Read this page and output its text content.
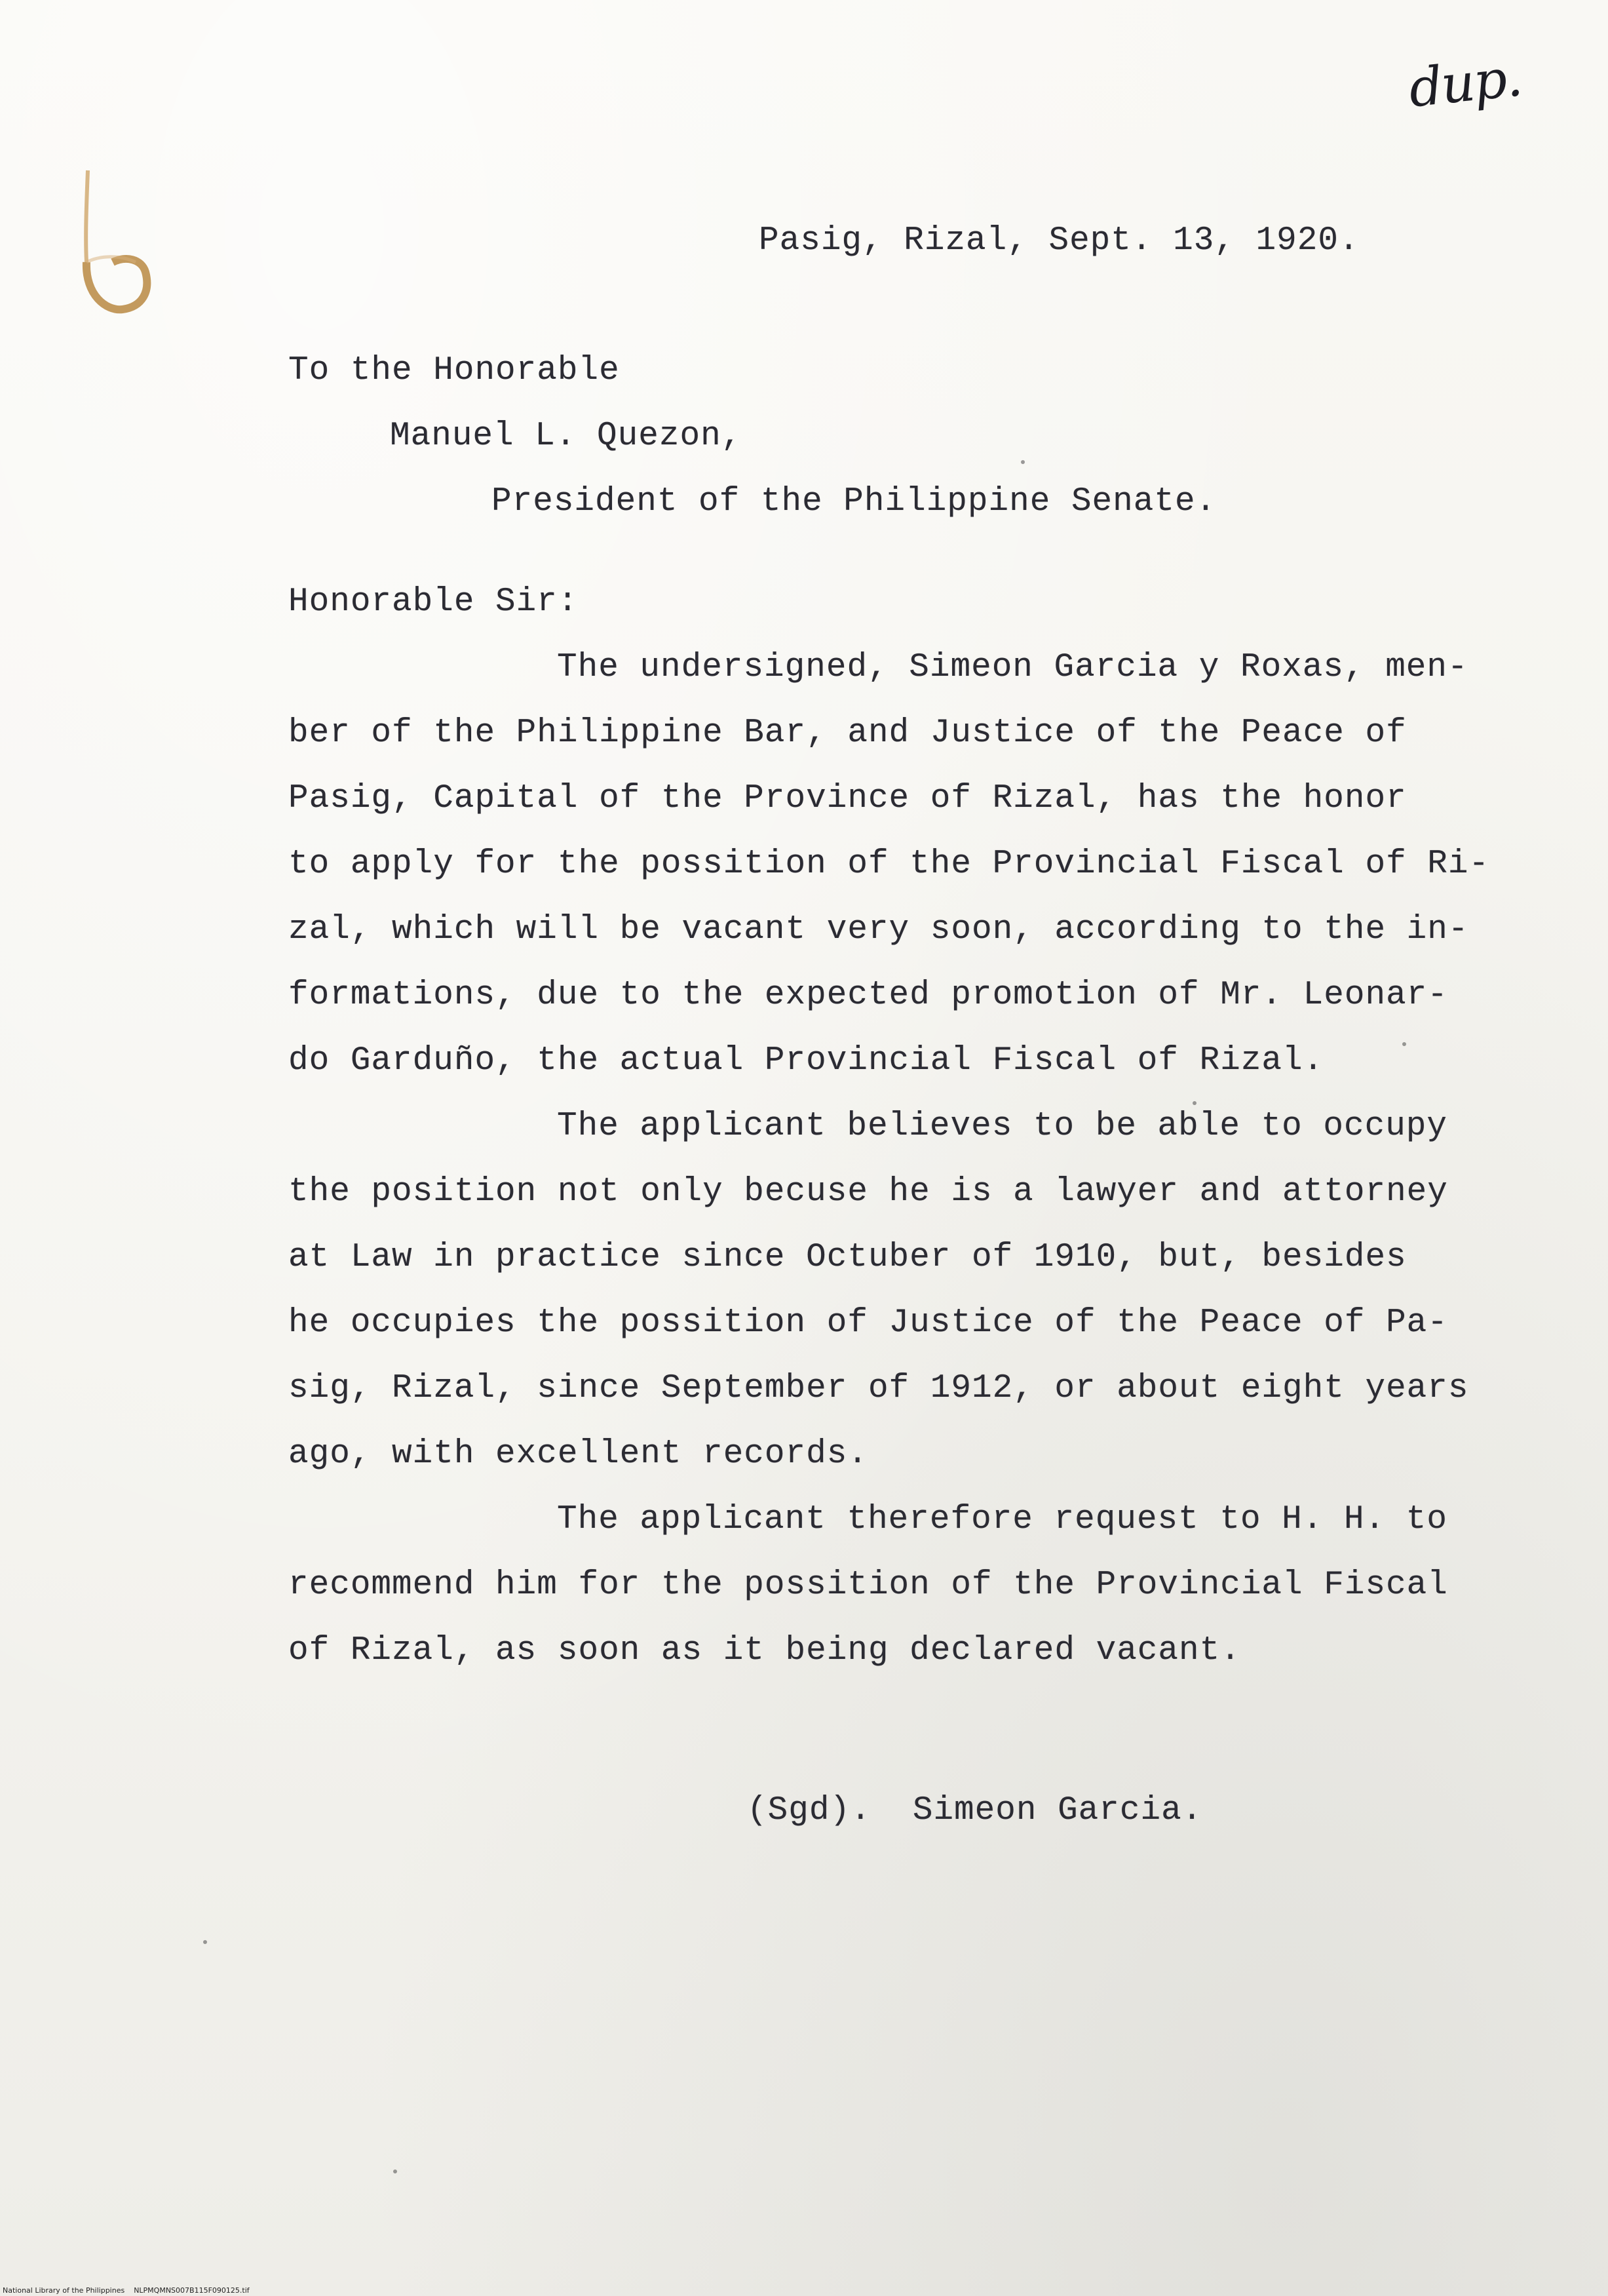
dup.
Pasig, Rizal, Sept. 13, 1920.
To the Honorable
Manuel L. Quezon,
President of the Philippine Senate.
Honorable Sir:
The undersigned, Simeon Garcia y Roxas, men-
ber of the Philippine Bar, and Justice of the Peace of
Pasig, Capital of the Province of Rizal, has the honor
to apply for the possition of the Provincial Fiscal of Ri-
zal, which will be vacant very soon, according to the in-
formations, due to the expected promotion of Mr. Leonar-
do Garduño, the actual Provincial Fiscal of Rizal.
The applicant believes to be able to occupy
the position not only becuse he is a lawyer and attorney
at Law in practice since Octuber of 1910, but, besides
he occupies the possition of Justice of the Peace of Pa-
sig, Rizal, since September of 1912, or about eight years
ago, with excellent records.
The applicant therefore request to H. H. to
recommend him for the possition of the Provincial Fiscal
of Rizal, as soon as it being declared vacant.
(Sgd).  Simeon Garcia.
National Library of the Philippines    NLPMQMNS007B115F090125.tif
